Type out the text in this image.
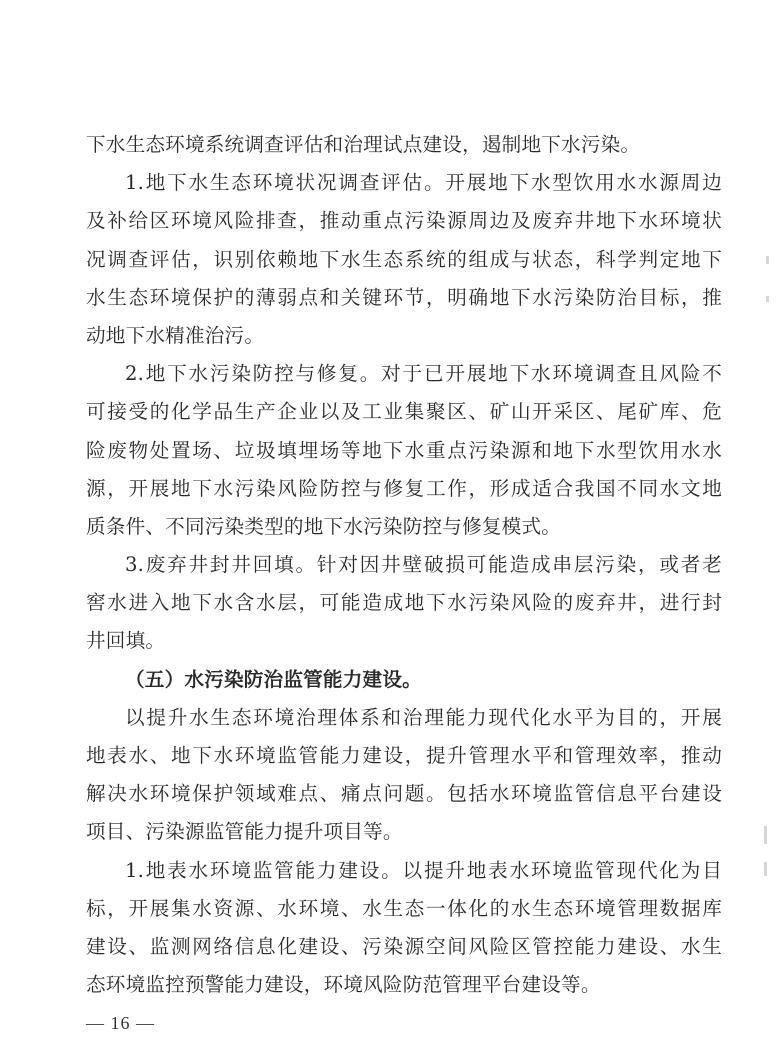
下水生态环境系统调查评估和治理试点建设，遏制地下水污染。
1.地下水生态环境状况调查评估。开展地下水型饮用水水源周边
及补给区环境风险排查，推动重点污染源周边及废弃井地下水环境状
况调查评估，识别依赖地下水生态系统的组成与状态，科学判定地下
水生态环境保护的薄弱点和关键环节，明确地下水污染防治目标，推
动地下水精准治污。
2.地下水污染防控与修复。对于已开展地下水环境调查且风险不
可接受的化学品生产企业以及工业集聚区、矿山开采区、尾矿库、危
险废物处置场、垃圾填埋场等地下水重点污染源和地下水型饮用水水
源，开展地下水污染风险防控与修复工作，形成适合我国不同水文地
质条件、不同污染类型的地下水污染防控与修复模式。
3.废弃井封井回填。针对因井壁破损可能造成串层污染，或者老
窖水进入地下水含水层，可能造成地下水污染风险的废弃井，进行封
井回填。
（五）水污染防治监管能力建设。
以提升水生态环境治理体系和治理能力现代化水平为目的，开展
地表水、地下水环境监管能力建设，提升管理水平和管理效率，推动
解决水环境保护领域难点、痛点问题。包括水环境监管信息平台建设
项目、污染源监管能力提升项目等。
1.地表水环境监管能力建设。以提升地表水环境监管现代化为目
标，开展集水资源、水环境、水生态一体化的水生态环境管理数据库
建设、监测网络信息化建设、污染源空间风险区管控能力建设、水生
态环境监控预警能力建设，环境风险防范管理平台建设等。
— 16 —
